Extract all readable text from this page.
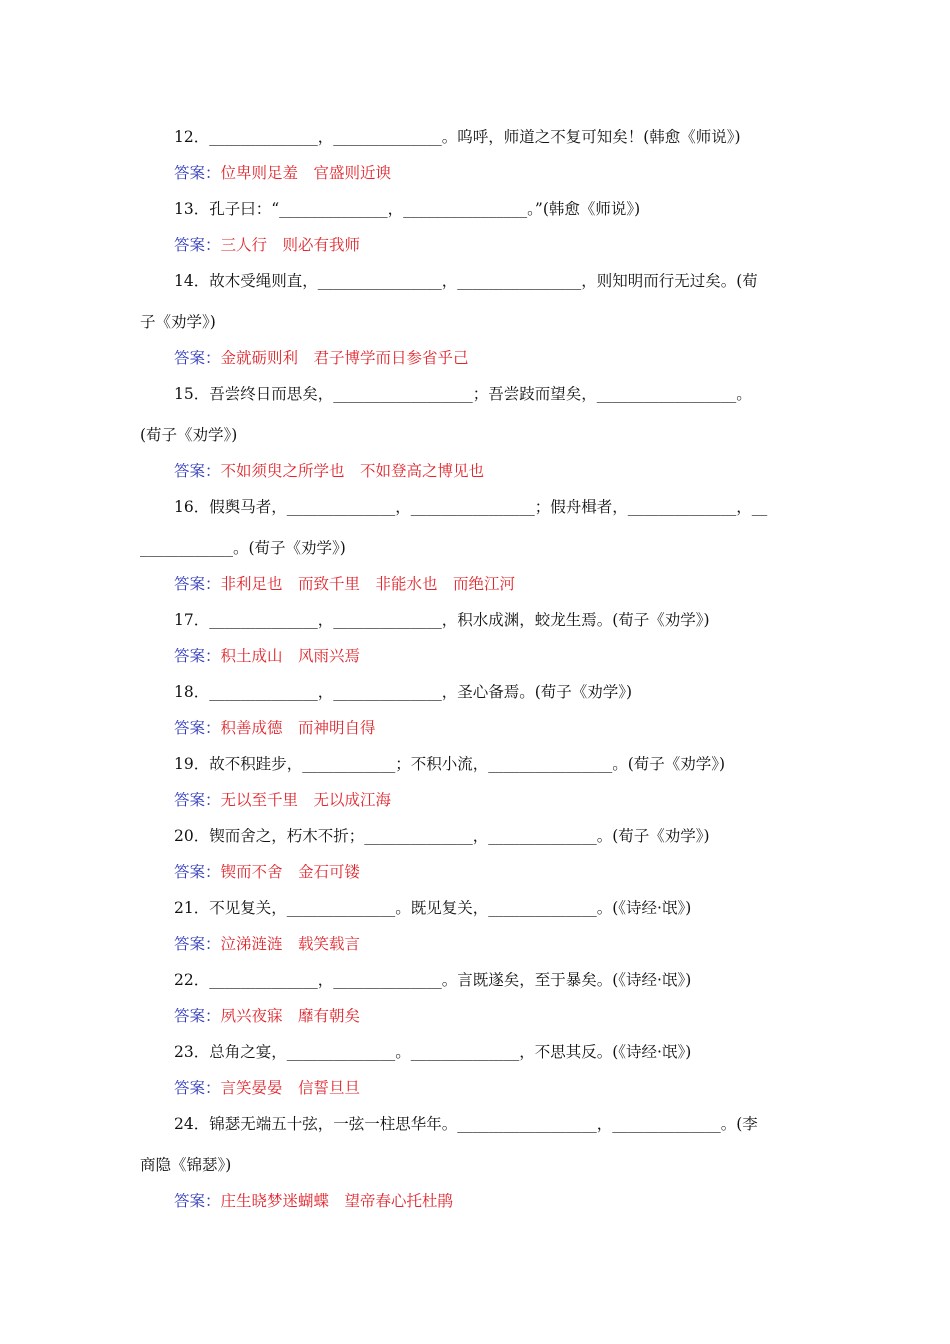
12．______________，______________。呜呼，师道之不复可知矣！(韩愈《师说》)
答案：位卑则足羞　官盛则近谀
13．孔子曰：“______________，________________。”(韩愈《师说》)
答案：三人行　则必有我师
14．故木受绳则直，________________，________________，则知明而行无过矣。(荀
子《劝学》)
答案：金就砺则利　君子博学而日参省乎己
15．吾尝终日而思矣，__________________；吾尝跂而望矣，__________________。
(荀子《劝学》)
答案：不如须臾之所学也　不如登高之博见也
16．假舆马者，______________，________________；假舟楫者，______________，__
____________。(荀子《劝学》)
答案：非利足也　而致千里　非能水也　而绝江河
17．______________，______________，积水成渊，蛟龙生焉。(荀子《劝学》)
答案：积土成山　风雨兴焉
18．______________，______________，圣心备焉。(荀子《劝学》)
答案：积善成德　而神明自得
19．故不积跬步，____________；不积小流，________________。(荀子《劝学》)
答案：无以至千里　无以成江海
20．锲而舍之，朽木不折；______________，______________。(荀子《劝学》)
答案：锲而不舍　金石可镂
21．不见复关，______________。既见复关，______________。(《诗经·氓》)
答案：泣涕涟涟　载笑载言
22．______________，______________。言既遂矣，至于暴矣。(《诗经·氓》)
答案：夙兴夜寐　靡有朝矣
23．总角之宴，______________。______________，不思其反。(《诗经·氓》)
答案：言笑晏晏　信誓旦旦
24．锦瑟无端五十弦，一弦一柱思华年。__________________，______________。(李
商隐《锦瑟》)
答案：庄生晓梦迷蝴蝶　望帝春心托杜鹃
